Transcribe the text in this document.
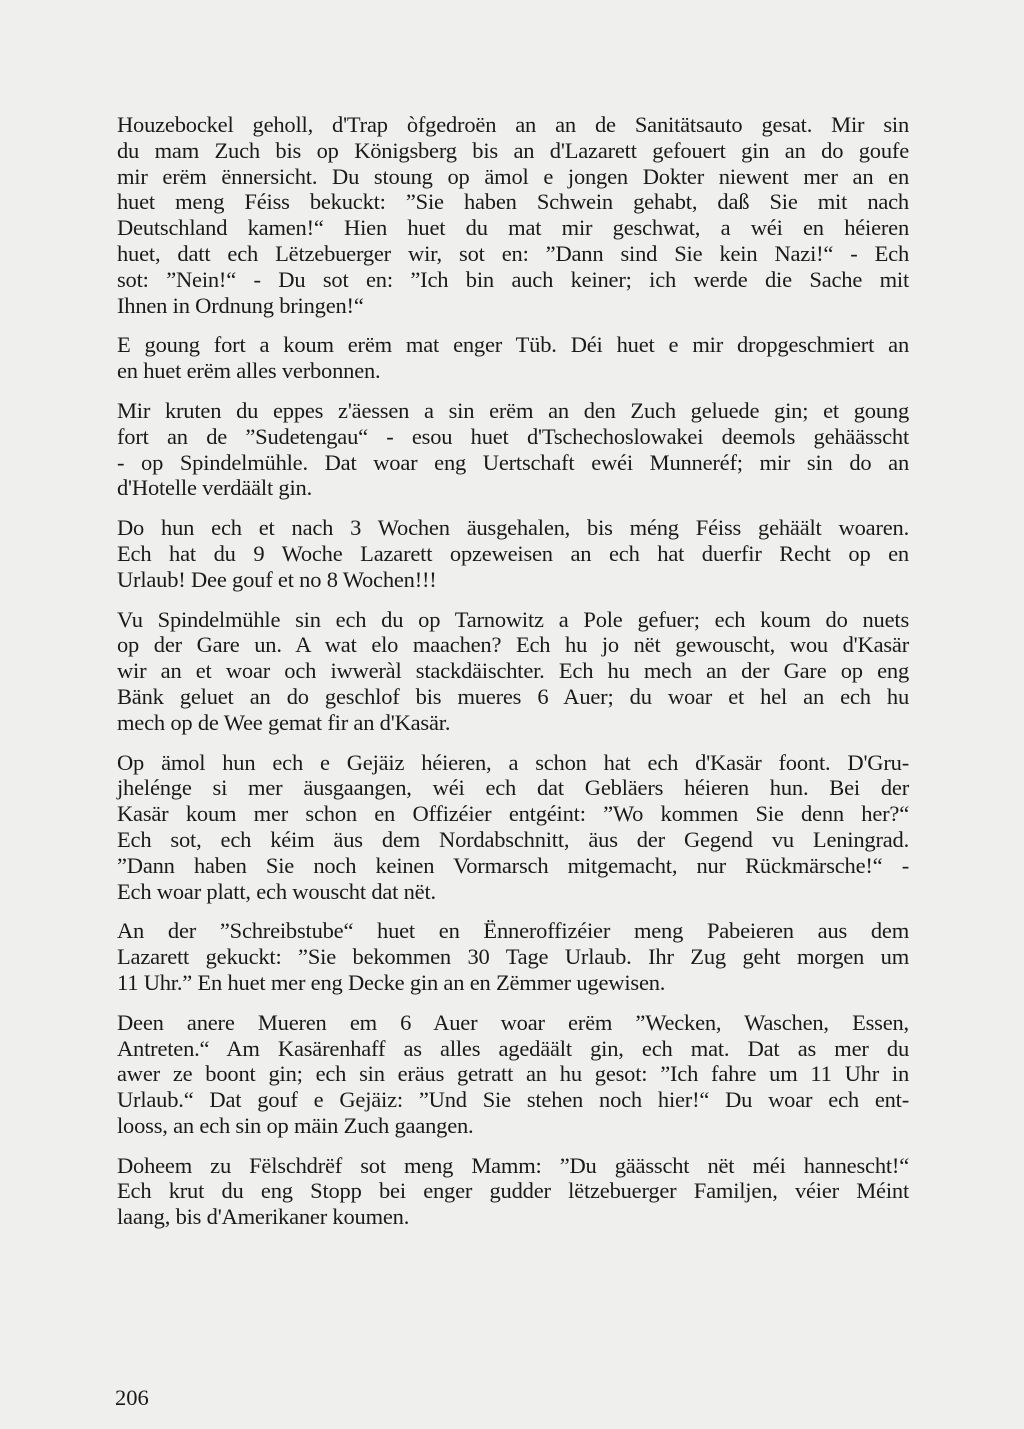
Houzebockel geholl, d'Trap òfgedroën an an de Sanitätsauto gesat. Mir sin
du mam Zuch bis op Königsberg bis an d'Lazarett gefouert gin an do goufe
mir erëm ënnersicht. Du stoung op ämol e jongen Dokter niewent mer an en
huet meng Féiss bekuckt: ”Sie haben Schwein gehabt, daß Sie mit nach
Deutschland kamen!“ Hien huet du mat mir geschwat, a wéi en héieren
huet, datt ech Lëtzebuerger wir, sot en: ”Dann sind Sie kein Nazi!“ - Ech
sot: ”Nein!“ - Du sot en: ”Ich bin auch keiner; ich werde die Sache mit
Ihnen in Ordnung bringen!“
E goung fort a koum erëm mat enger Tüb. Déi huet e mir dropgeschmiert an
en huet erëm alles verbonnen.
Mir kruten du eppes z'äessen a sin erëm an den Zuch geluede gin; et goung
fort an de ”Sudetengau“ - esou huet d'Tschechoslowakei deemols gehäässcht
- op Spindelmühle. Dat woar eng Uertschaft ewéi Munneréf; mir sin do an
d'Hotelle verdäält gin.
Do hun ech et nach 3 Wochen äusgehalen, bis méng Féiss gehäält woaren.
Ech hat du 9 Woche Lazarett opzeweisen an ech hat duerfir Recht op en
Urlaub! Dee gouf et no 8 Wochen!!!
Vu Spindelmühle sin ech du op Tarnowitz a Pole gefuer; ech koum do nuets
op der Gare un. A wat elo maachen? Ech hu jo nët gewouscht, wou d'Kasär
wir an et woar och iwweràl stackdäischter. Ech hu mech an der Gare op eng
Bänk geluet an do geschlof bis mueres 6 Auer; du woar et hel an ech hu
mech op de Wee gemat fir an d'Kasär.
Op ämol hun ech e Gejäiz héieren, a schon hat ech d'Kasär foont. D'Gru-
jhelénge si mer äusgaangen, wéi ech dat Gebläers héieren hun. Bei der
Kasär koum mer schon en Offizéier entgéint: ”Wo kommen Sie denn her?“
Ech sot, ech kéim äus dem Nordabschnitt, äus der Gegend vu Leningrad.
”Dann haben Sie noch keinen Vormarsch mitgemacht, nur Rückmärsche!“ -
Ech woar platt, ech wouscht dat nët.
An der ”Schreibstube“ huet en Ënneroffizéier meng Pabeieren aus dem
Lazarett gekuckt: ”Sie bekommen 30 Tage Urlaub. Ihr Zug geht morgen um
11 Uhr.” En huet mer eng Decke gin an en Zëmmer ugewisen.
Deen anere Mueren em 6 Auer woar erëm ”Wecken, Waschen, Essen,
Antreten.“ Am Kasärenhaff as alles agedäält gin, ech mat. Dat as mer du
awer ze boont gin; ech sin eräus getratt an hu gesot: ”Ich fahre um 11 Uhr in
Urlaub.“ Dat gouf e Gejäiz: ”Und Sie stehen noch hier!“ Du woar ech ent-
looss, an ech sin op mäin Zuch gaangen.
Doheem zu Fëlschdrëf sot meng Mamm: ”Du gäässcht nët méi hannescht!“
Ech krut du eng Stopp bei enger gudder lëtzebuerger Familjen, véier Méint
laang, bis d'Amerikaner koumen.
206
